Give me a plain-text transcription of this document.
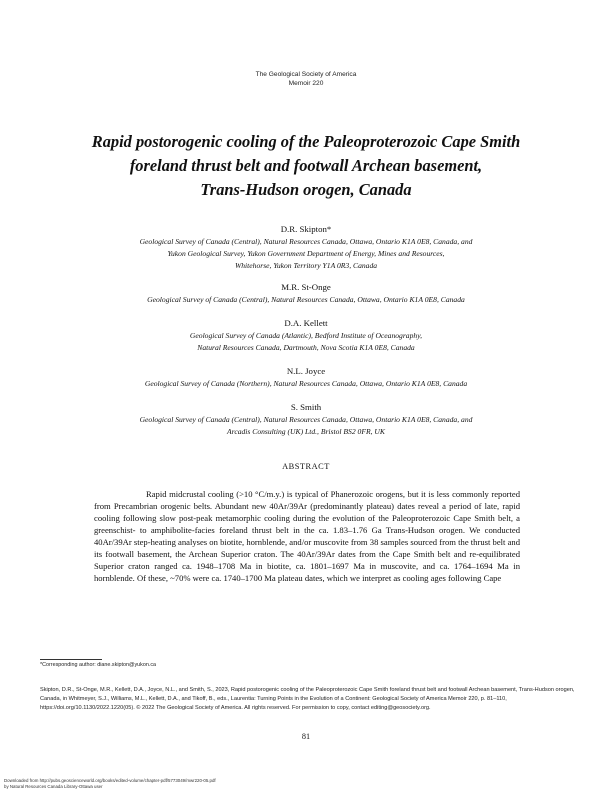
The Geological Society of America
Memoir 220
Rapid postorogenic cooling of the Paleoproterozoic Cape Smith
foreland thrust belt and footwall Archean basement,
Trans-Hudson orogen, Canada
D.R. Skipton*
Geological Survey of Canada (Central), Natural Resources Canada, Ottawa, Ontario K1A 0E8, Canada, and
Yukon Geological Survey, Yukon Government Department of Energy, Mines and Resources,
Whitehorse, Yukon Territory Y1A 0R3, Canada
M.R. St-Onge
Geological Survey of Canada (Central), Natural Resources Canada, Ottawa, Ontario K1A 0E8, Canada
D.A. Kellett
Geological Survey of Canada (Atlantic), Bedford Institute of Oceanography,
Natural Resources Canada, Dartmouth, Nova Scotia K1A 0E8, Canada
N.L. Joyce
Geological Survey of Canada (Northern), Natural Resources Canada, Ottawa, Ontario K1A 0E8, Canada
S. Smith
Geological Survey of Canada (Central), Natural Resources Canada, Ottawa, Ontario K1A 0E8, Canada, and
Arcadis Consulting (UK) Ltd., Bristol BS2 0FR, UK
ABSTRACT

Rapid midcrustal cooling (>10 °C/m.y.) is typical of Phanerozoic orogens, but it is less commonly reported from Precambrian orogenic belts. Abundant new 40Ar/39Ar (predominantly plateau) dates reveal a period of late, rapid cooling following slow post-peak metamorphic cooling during the evolution of the Paleoproterozoic Cape Smith belt, a greenschist- to amphibolite-facies foreland thrust belt in the ca. 1.83–1.76 Ga Trans-Hudson orogen. We conducted 40Ar/39Ar step-heating analyses on biotite, hornblende, and/or muscovite from 38 samples sourced from the thrust belt and its footwall basement, the Archean Superior craton. The 40Ar/39Ar dates from the Cape Smith belt and re-equilibrated Superior craton ranged ca. 1948–1708 Ma in biotite, ca. 1801–1697 Ma in muscovite, and ca. 1764–1694 Ma in hornblende. Of these, ~70% were ca. 1740–1700 Ma plateau dates, which we interpret as cooling ages following Cape

*Corresponding author: diane.skipton@yukon.ca

Skipton, D.R., St-Onge, M.R., Kellett, D.A., Joyce, N.L., and Smith, S., 2023, Rapid postorogenic cooling of the Paleoproterozoic Cape Smith foreland thrust belt and footwall Archean basement, Trans-Hudson orogen, Canada, in Whitmeyer, S.J., Williams, M.L., Kellett, D.A., and Tikoff, B., eds., Laurentia: Turning Points in the Evolution of a Continent: Geological Society of America Memoir 220, p. 81–110, https://doi.org/10.1130/2022.1220(05). © 2022 The Geological Society of America. All rights reserved. For permission to copy, contact editing@geosociety.org.

81
Downloaded from http://pubs.geoscienceworld.org/books/edited-volume/chapter-pdf/5773049/mwr220-05.pdf
by Natural Resources Canada Library-Ottawa user
